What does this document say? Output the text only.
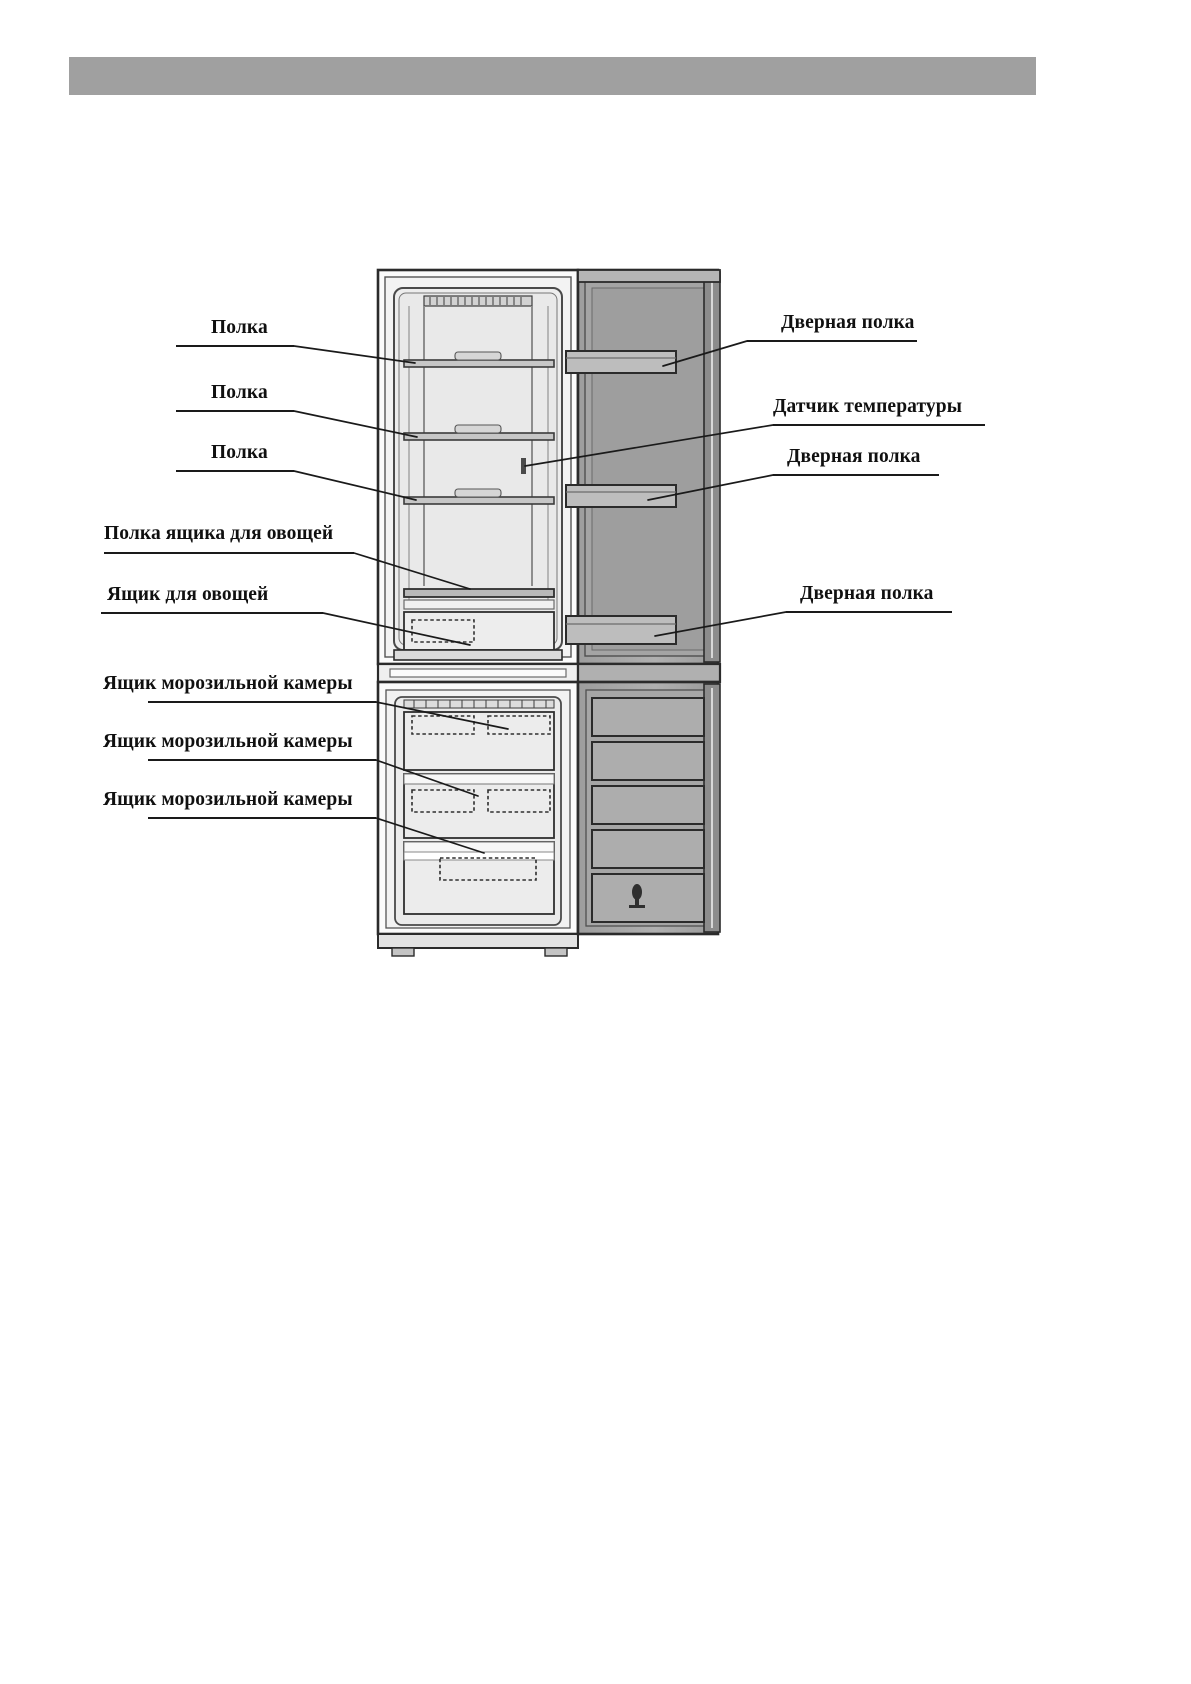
Полка
Полка
Полка
Полка ящика для овощей
Ящик для овощей
Ящик морозильной камеры
Ящик морозильной камеры
Ящик морозильной камеры
Дверная полка
Датчик температуры
Дверная полка
Дверная полка
